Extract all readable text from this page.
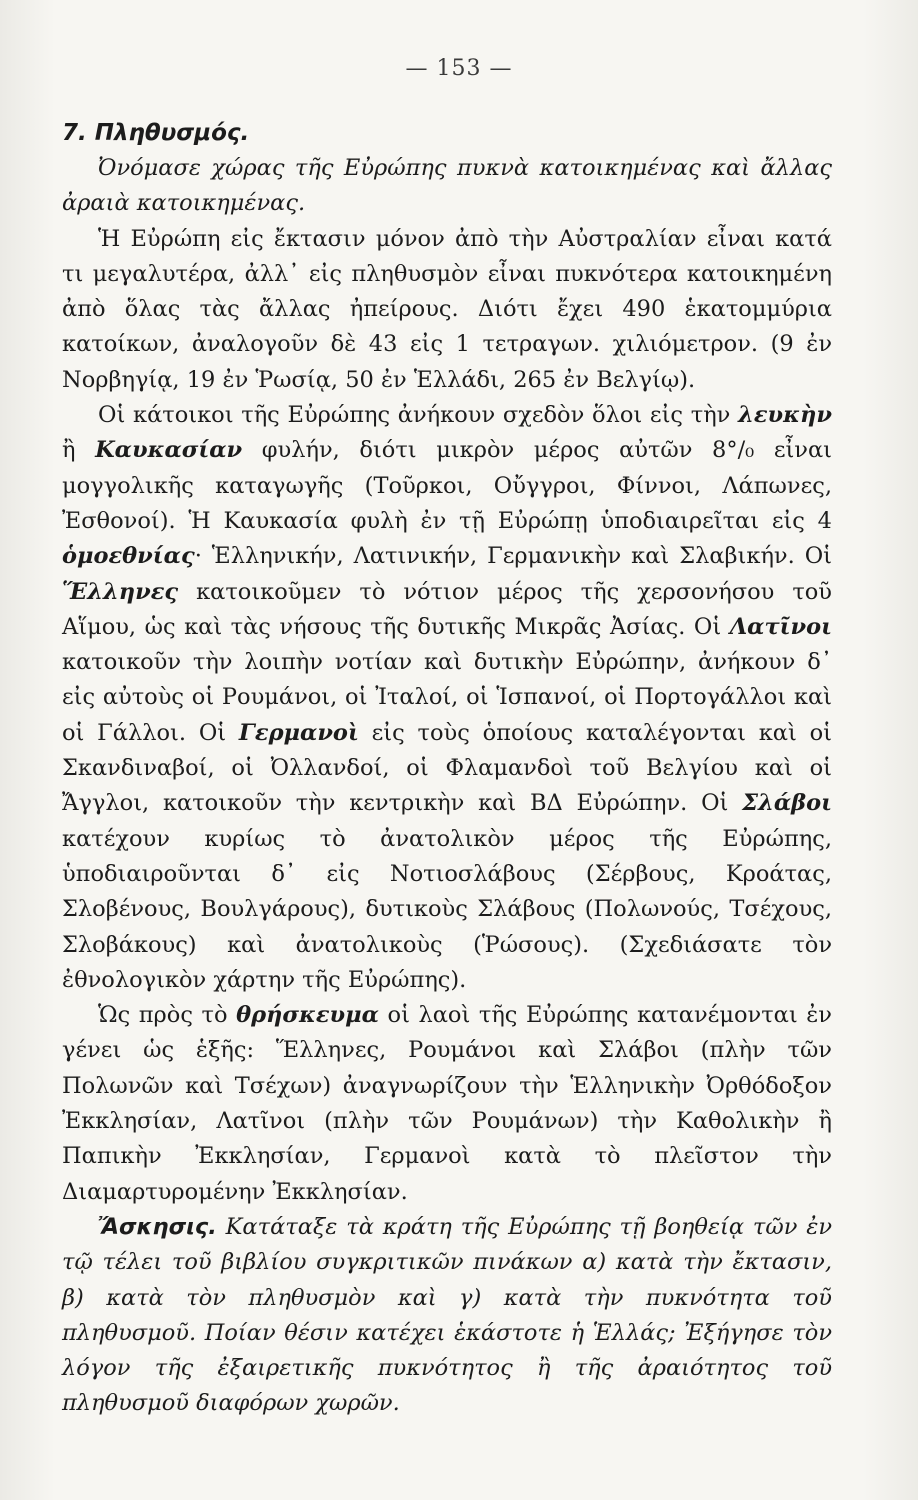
— 153 —
7. Πληθυσμός.

Ὀνόμασε χώρας τῆς Εὐρώπης πυκνὰ κατοικημένας καὶ ἄλλας ἀραιὰ κατοικημένας.

Ἡ Εὐρώπη εἰς ἔκτασιν μόνον ἀπὸ τὴν Αὐστραλίαν εἶναι κατά τι μεγαλυτέρα, ἀλλ᾽ εἰς πληθυσμὸν εἶναι πυκνότερα κατοικημένη ἀπὸ ὅλας τὰς ἄλλας ἠπείρους. Διότι ἔχει 490 ἑκατομμύρια κατοίκων, ἀναλογοῦν δὲ 43 εἰς 1 τετραγων. χιλιόμετρον. (9 ἐν Νορβηγίᾳ, 19 ἐν Ῥωσίᾳ, 50 ἐν Ἑλλάδι, 265 ἐν Βελγίῳ).

Οἱ κάτοικοι τῆς Εὐρώπης ἀνήκουν σχεδὸν ὅλοι εἰς τὴν λευκὴν ἢ Καυκασίαν φυλήν, διότι μικρὸν μέρος αὐτῶν 8°/₀ εἶναι μογγολικῆς καταγωγῆς (Τοῦρκοι, Οὔγγροι, Φίννοι, Λάπωνες, Ἐσθονοί). Ἡ Καυκασία φυλὴ ἐν τῇ Εὐρώπῃ ὑποδιαιρεῖται εἰς 4 ὁμοεθνίας· Ἑλληνικήν, Λατινικήν, Γερμανικὴν καὶ Σλαβικήν. Οἱ Ἕλληνες κατοικοῦμεν τὸ νότιον μέρος τῆς χερσονήσου τοῦ Αἵμου, ὡς καὶ τὰς νήσους τῆς δυτικῆς Μικρᾶς Ἀσίας. Οἱ Λατῖνοι κατοικοῦν τὴν λοιπὴν νοτίαν καὶ δυτικὴν Εὐρώπην, ἀνήκουν δ᾽ εἰς αὐτοὺς οἱ Ρουμάνοι, οἱ Ἰταλοί, οἱ Ἱσπανοί, οἱ Πορτογάλλοι καὶ οἱ Γάλλοι. Οἱ Γερμανοὶ εἰς τοὺς ὁποίους καταλέγονται καὶ οἱ Σκανδιναβοί, οἱ Ὀλλανδοί, οἱ Φλαμανδοὶ τοῦ Βελγίου καὶ οἱ Ἄγγλοι, κατοικοῦν τὴν κεντρικὴν καὶ ΒΔ Εὐρώπην. Οἱ Σλάβοι κατέχουν κυρίως τὸ ἀνατολικὸν μέρος τῆς Εὐρώπης, ὑποδιαιροῦνται δ᾽ εἰς Νοτιοσλάβους (Σέρβους, Κροάτας, Σλοβένους, Βουλγάρους), δυτικοὺς Σλάβους (Πολωνούς, Τσέχους, Σλοβάκους) καὶ ἀνατολικοὺς (Ῥώσους). (Σχεδιάσατε τὸν ἐθνολογικὸν χάρτην τῆς Εὐρώπης).

Ὡς πρὸς τὸ θρήσκευμα οἱ λαοὶ τῆς Εὐρώπης κατανέμονται ἐν γένει ὡς ἑξῆς: Ἕλληνες, Ρουμάνοι καὶ Σλάβοι (πλὴν τῶν Πολωνῶν καὶ Τσέχων) ἀναγνωρίζουν τὴν Ἑλληνικὴν Ὀρθόδοξον Ἐκκλησίαν, Λατῖνοι (πλὴν τῶν Ρουμάνων) τὴν Καθολικὴν ἢ Παπικὴν Ἐκκλησίαν, Γερμανοὶ κατὰ τὸ πλεῖστον τὴν Διαμαρτυρομένην Ἐκκλησίαν.

Ἄσκησις. Κατάταξε τὰ κράτη τῆς Εὐρώπης τῇ βοηθείᾳ τῶν ἐν τῷ τέλει τοῦ βιβλίου συγκριτικῶν πινάκων α) κατὰ τὴν ἔκτασιν, β) κατὰ τὸν πληθυσμὸν καὶ γ) κατὰ τὴν πυκνότητα τοῦ πληθυσμοῦ. Ποίαν θέσιν κατέχει ἑκάστοτε ἡ Ἑλλάς; Ἐξήγησε τὸν λόγον τῆς ἐξαιρετικῆς πυκνότητος ἢ τῆς ἀραιότητος τοῦ πληθυσμοῦ διαφόρων χωρῶν.
